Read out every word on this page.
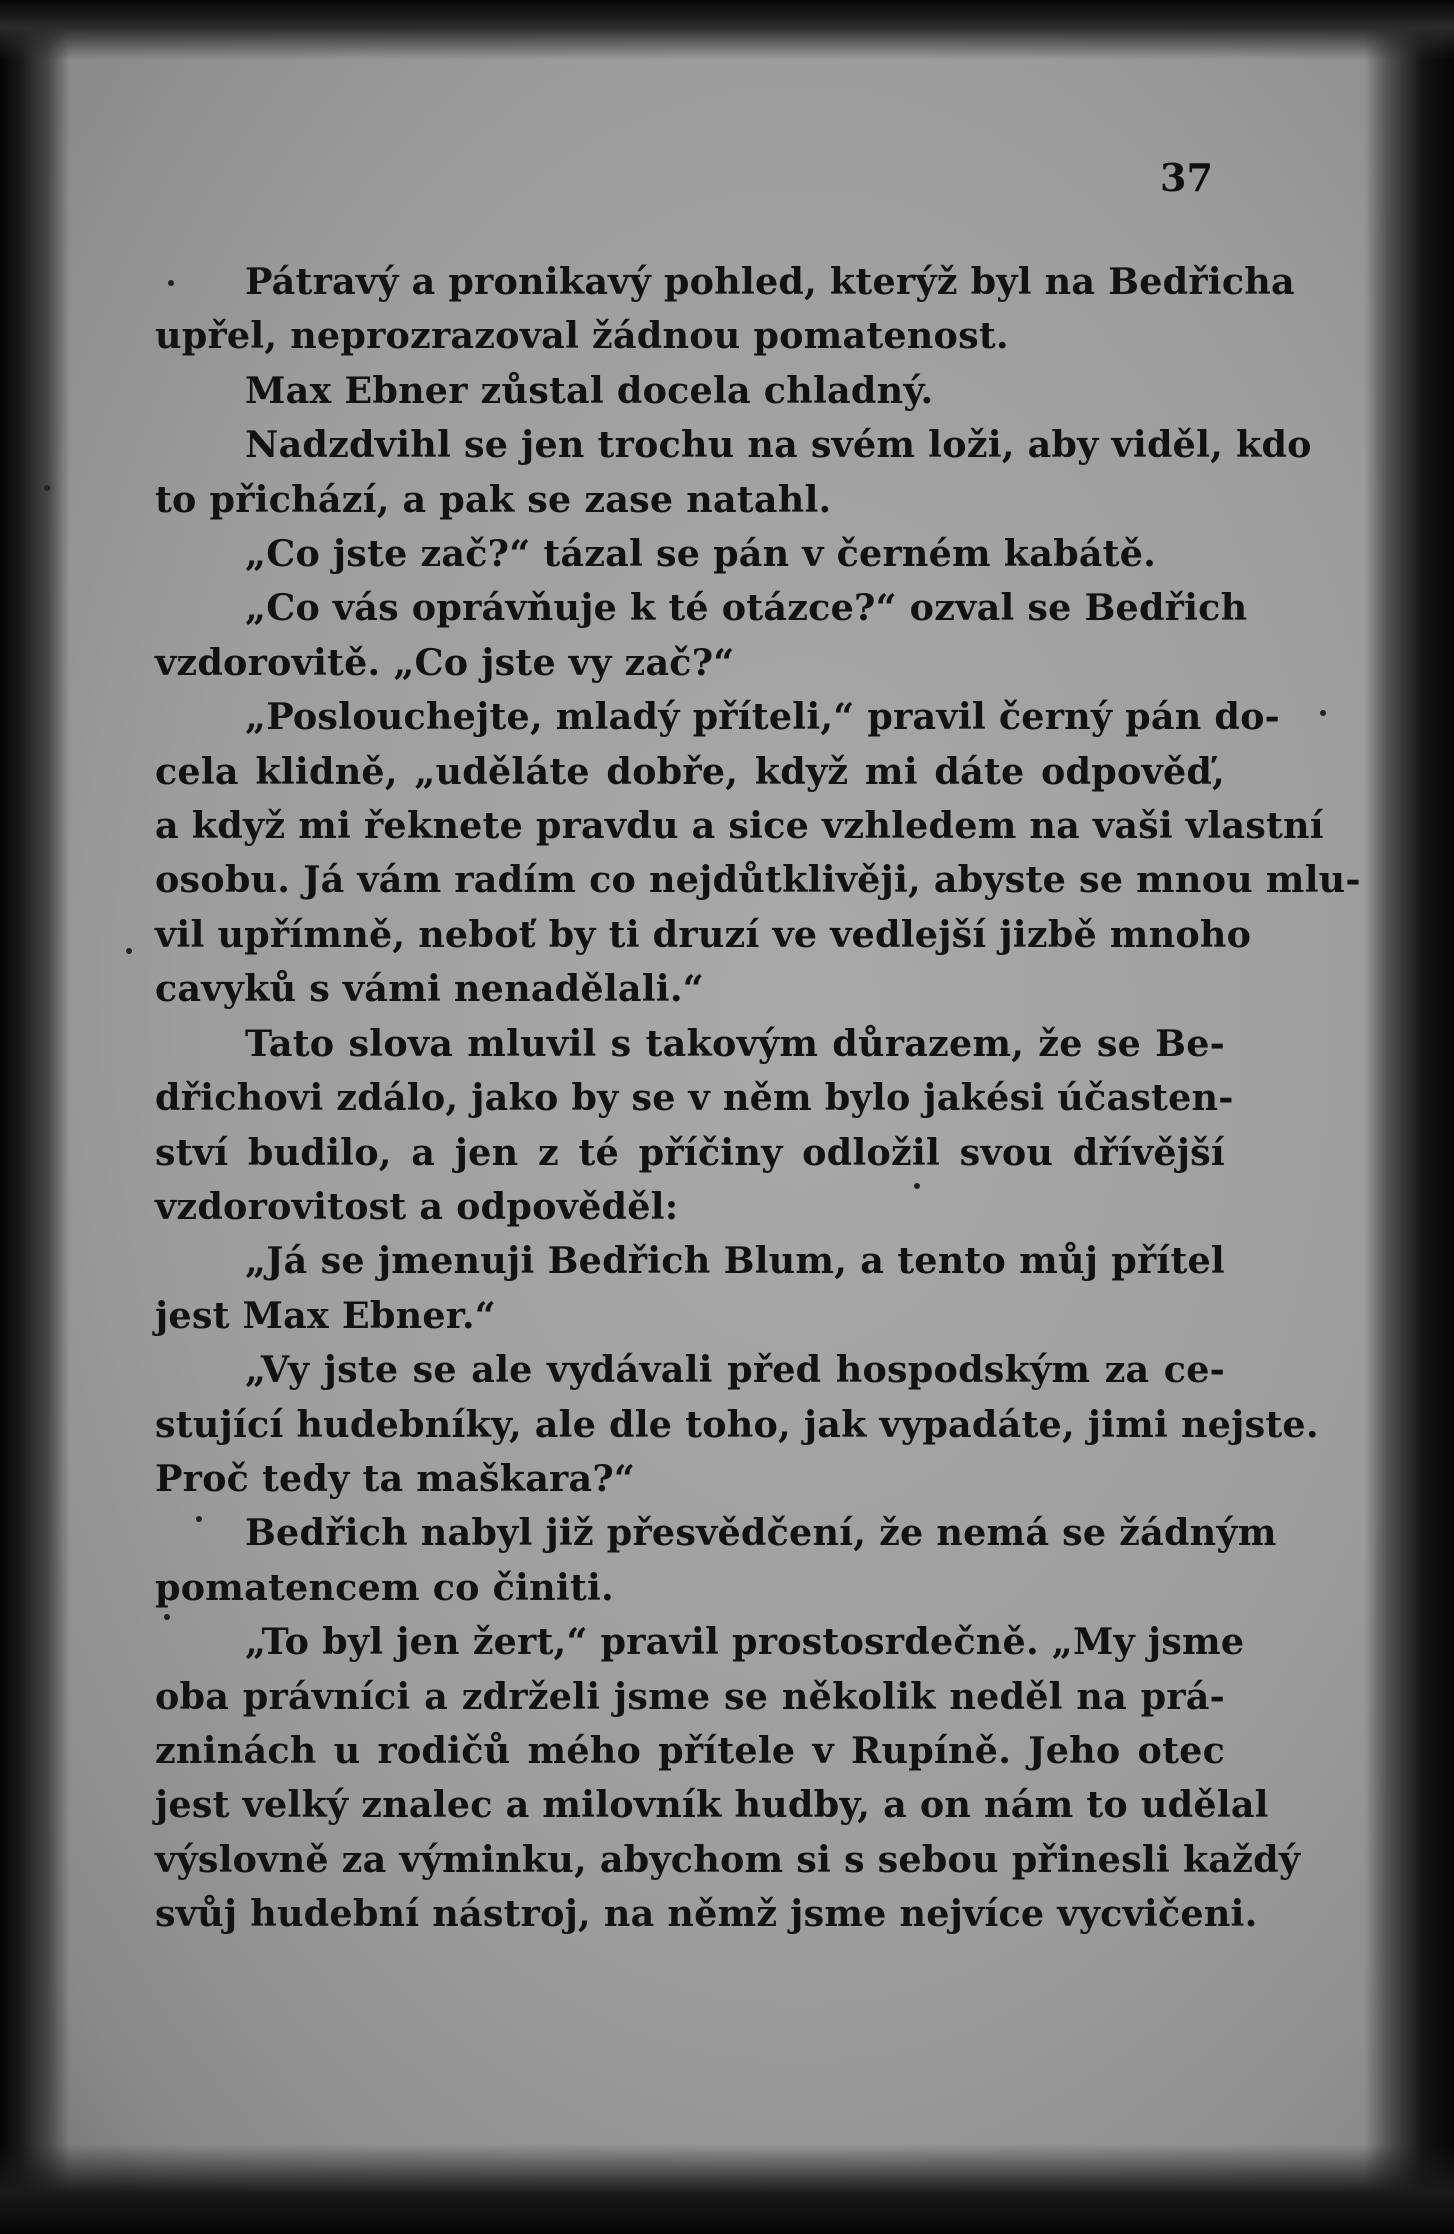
37
Pátravý a pronikavý pohled, kterýž byl na Bedřicha
upřel, neprozrazoval žádnou pomatenost.
Max Ebner zůstal docela chladný.
Nadzdvihl se jen trochu na svém loži, aby viděl, kdo
to přichází, a pak se zase natahl.
„Co jste zač?“ tázal se pán v černém kabátě.
„Co vás oprávňuje k té otázce?“ ozval se Bedřich
vzdorovitě. „Co jste vy zač?“
„Poslouchejte, mladý příteli,“ pravil černý pán do-
cela klidně, „uděláte dobře, když mi dáte odpověď,
a když mi řeknete pravdu a sice vzhledem na vaši vlastní
osobu. Já vám radím co nejdůtklivěji, abyste se mnou mlu-
vil upřímně, neboť by ti druzí ve vedlejší jizbě mnoho
cavyků s vámi nenadělali.“
Tato slova mluvil s takovým důrazem, že se Be-
dřichovi zdálo, jako by se v něm bylo jakési účasten-
ství budilo, a jen z té příčiny odložil svou dřívější
vzdorovitost a odpověděl:
„Já se jmenuji Bedřich Blum, a tento můj přítel
jest Max Ebner.“
„Vy jste se ale vydávali před hospodským za ce-
stující hudebníky, ale dle toho, jak vypadáte, jimi nejste.
Proč tedy ta maškara?“
Bedřich nabyl již přesvědčení, že nemá se žádným
pomatencem co činiti.
„To byl jen žert,“ pravil prostosrdečně. „My jsme
oba právníci a zdrželi jsme se několik neděl na prá-
zninách u rodičů mého přítele v Rupíně. Jeho otec
jest velký znalec a milovník hudby, a on nám to udělal
výslovně za výminku, abychom si s sebou přinesli každý
svůj hudební nástroj, na němž jsme nejvíce vycvičeni.
